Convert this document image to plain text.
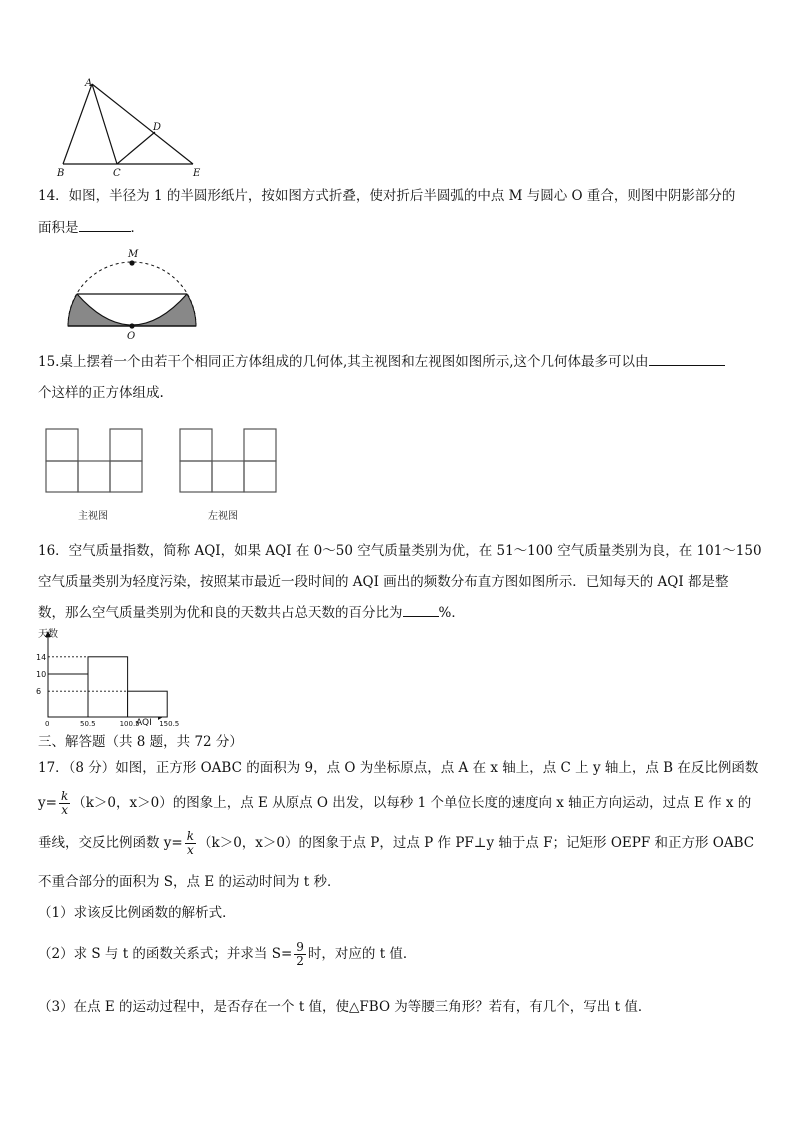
A
B	C
D
E
14．如图，半径为 1 的半圆形纸片，按如图方式折叠，使对折后半圆弧的中点 M 与圆心 O 重合，则图中阴影部分的
面积是	．
M
O
15.桌上摆着一个由若干个相同正方体组成的几何体,其主视图和左视图如图所示,这个几何体最多可以由
个这样的正方体组成.
主视图	左视图
16．空气质量指数，简称 AQI，如果 AQI 在 0～50 空气质量类别为优，在 51～100 空气质量类别为良，在 101～150
空气质量类别为轻度污染，按照某市最近一段时间的 AQI 画出的频数分布直方图如图所示．已知每天的 AQI 都是整
数，那么空气质量类别为优和良的天数共占总天数的百分比为	%．
6
10
14
0	50.5	100.5	150.5
天数
AQI
三、解答题（共 8 题，共 72 分）
17．（8 分）如图，正方形 OABC 的面积为 9，点 O 为坐标原点，点 A 在 x 轴上，点 C 上 y 轴上，点 B 在反比例函数
$y= \frac{k}{x} (k>0$，x＞0）的图象上，点 E 从原点 O 出发，以每秒 1 个单位长度的速度向 x 轴正方向运动，过点 E 作 x 的
垂线，交反比例函数 $y= \frac{k}{x} (k>0$，x＞0）的图象于点 P，过点 P 作 PF⊥y 轴于点 F；记矩形 OEPF 和正方形 OABC
不重合部分的面积为 S，点 E 的运动时间为 t 秒．
（1）求该反比例函数的解析式．
（2）求 S 与 t 的函数关系式；并求当 $S= \frac{9}{2}$ 时，对应的 t 值．
（3）在点 E 的运动过程中，是否存在一个 t 值，使△FBO 为等腰三角形？若有，有几个，写出 t 值．
